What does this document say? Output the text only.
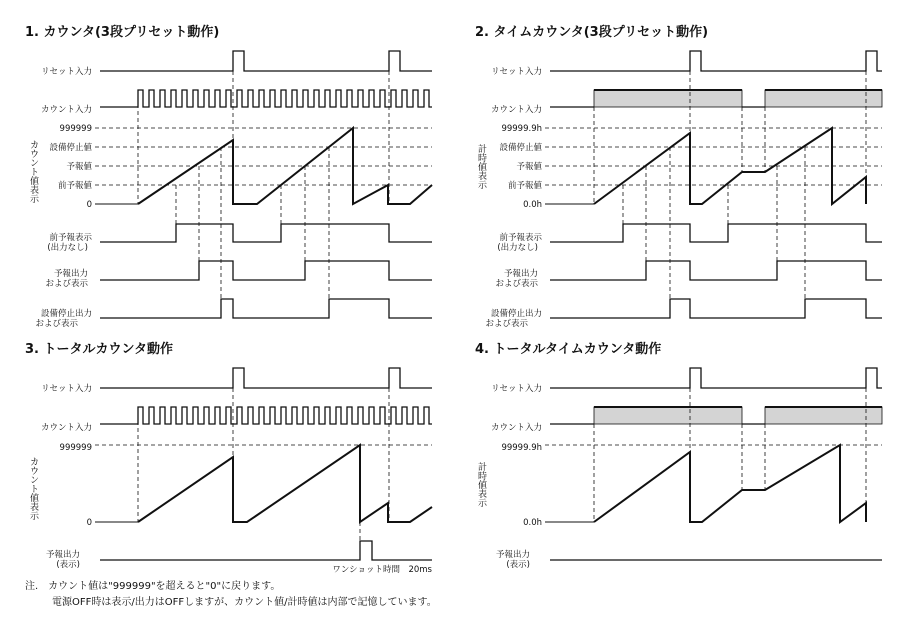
1. カウンタ(3段プリセット動作)
リセット入力
カウント入力
999999
設備停止値
予報値
前予報値
0
前予報表示
(出力なし)
予報出力
および表示
設備停止出力
および表示
カ
ウ
ン
ト
値
表
示
2. タイムカウンタ(3段プリセット動作)
リセット入力
カウント入力
99999.9h
設備停止値
予報値
前予報値
0.0h
前予報表示
(出力なし)
予報出力
および表示
設備停止出力
および表示
計
時
値
表
示
3. トータルカウンタ動作
リセット入力
カウント入力
999999
0
予報出力
(表示)
カ
ウ
ン
ト
値
表
示
ワンショット時間　20ms
4. トータルタイムカウンタ動作
リセット入力
カウント入力
99999.9h
0.0h
予報出力
(表示)
計
時
値
表
示
注.　カウント値は"999999"を超えると"0"に戻ります。
電源OFF時は表示/出力はOFFしますが、カウント値/計時値は内部で記憶しています。
